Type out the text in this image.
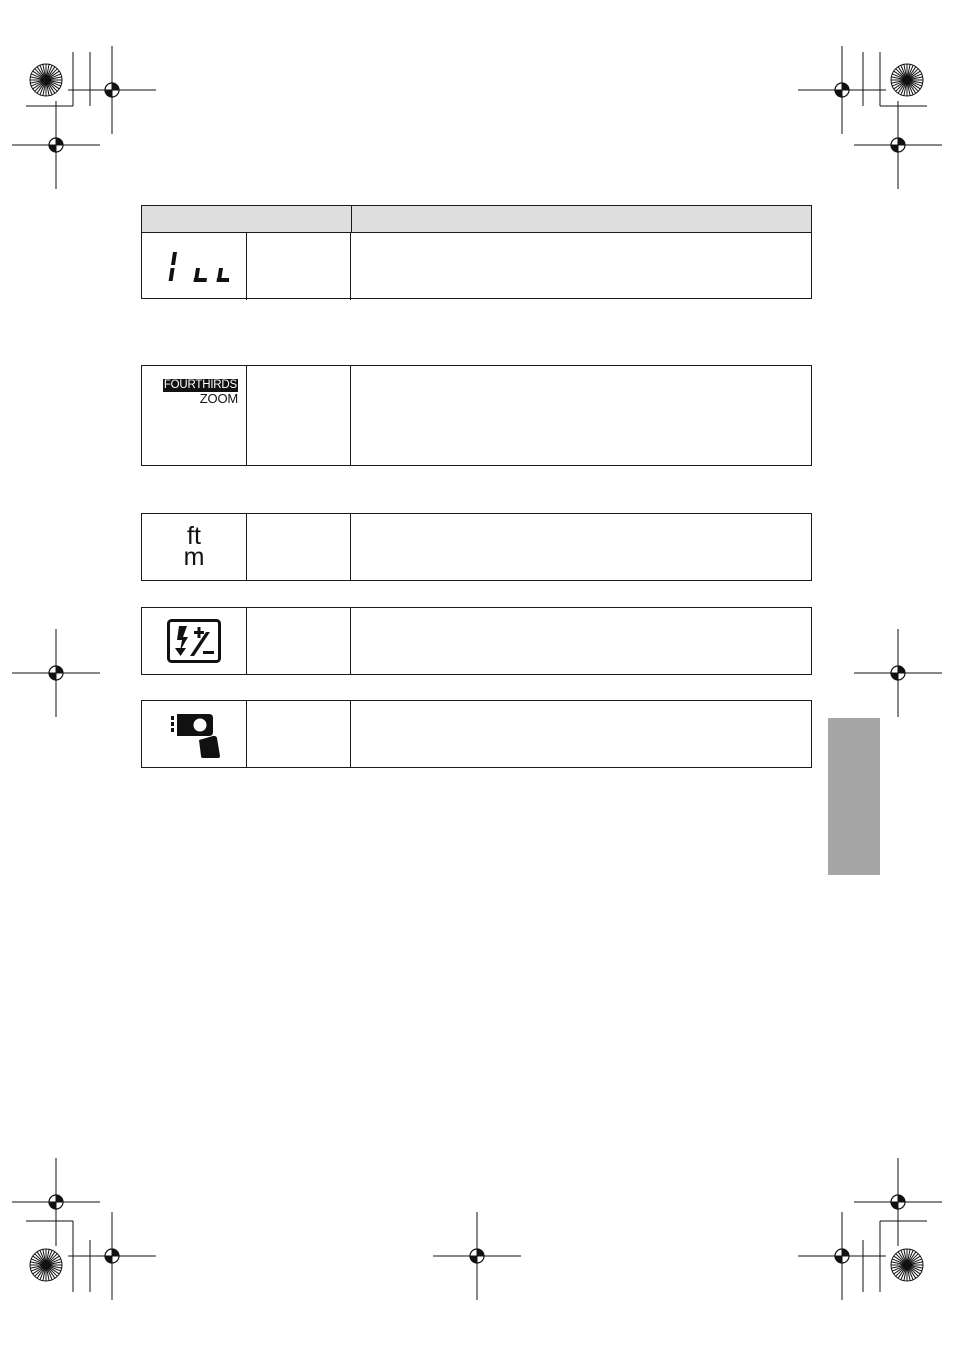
FOURTHIRDS
ZOOM
ft
m
